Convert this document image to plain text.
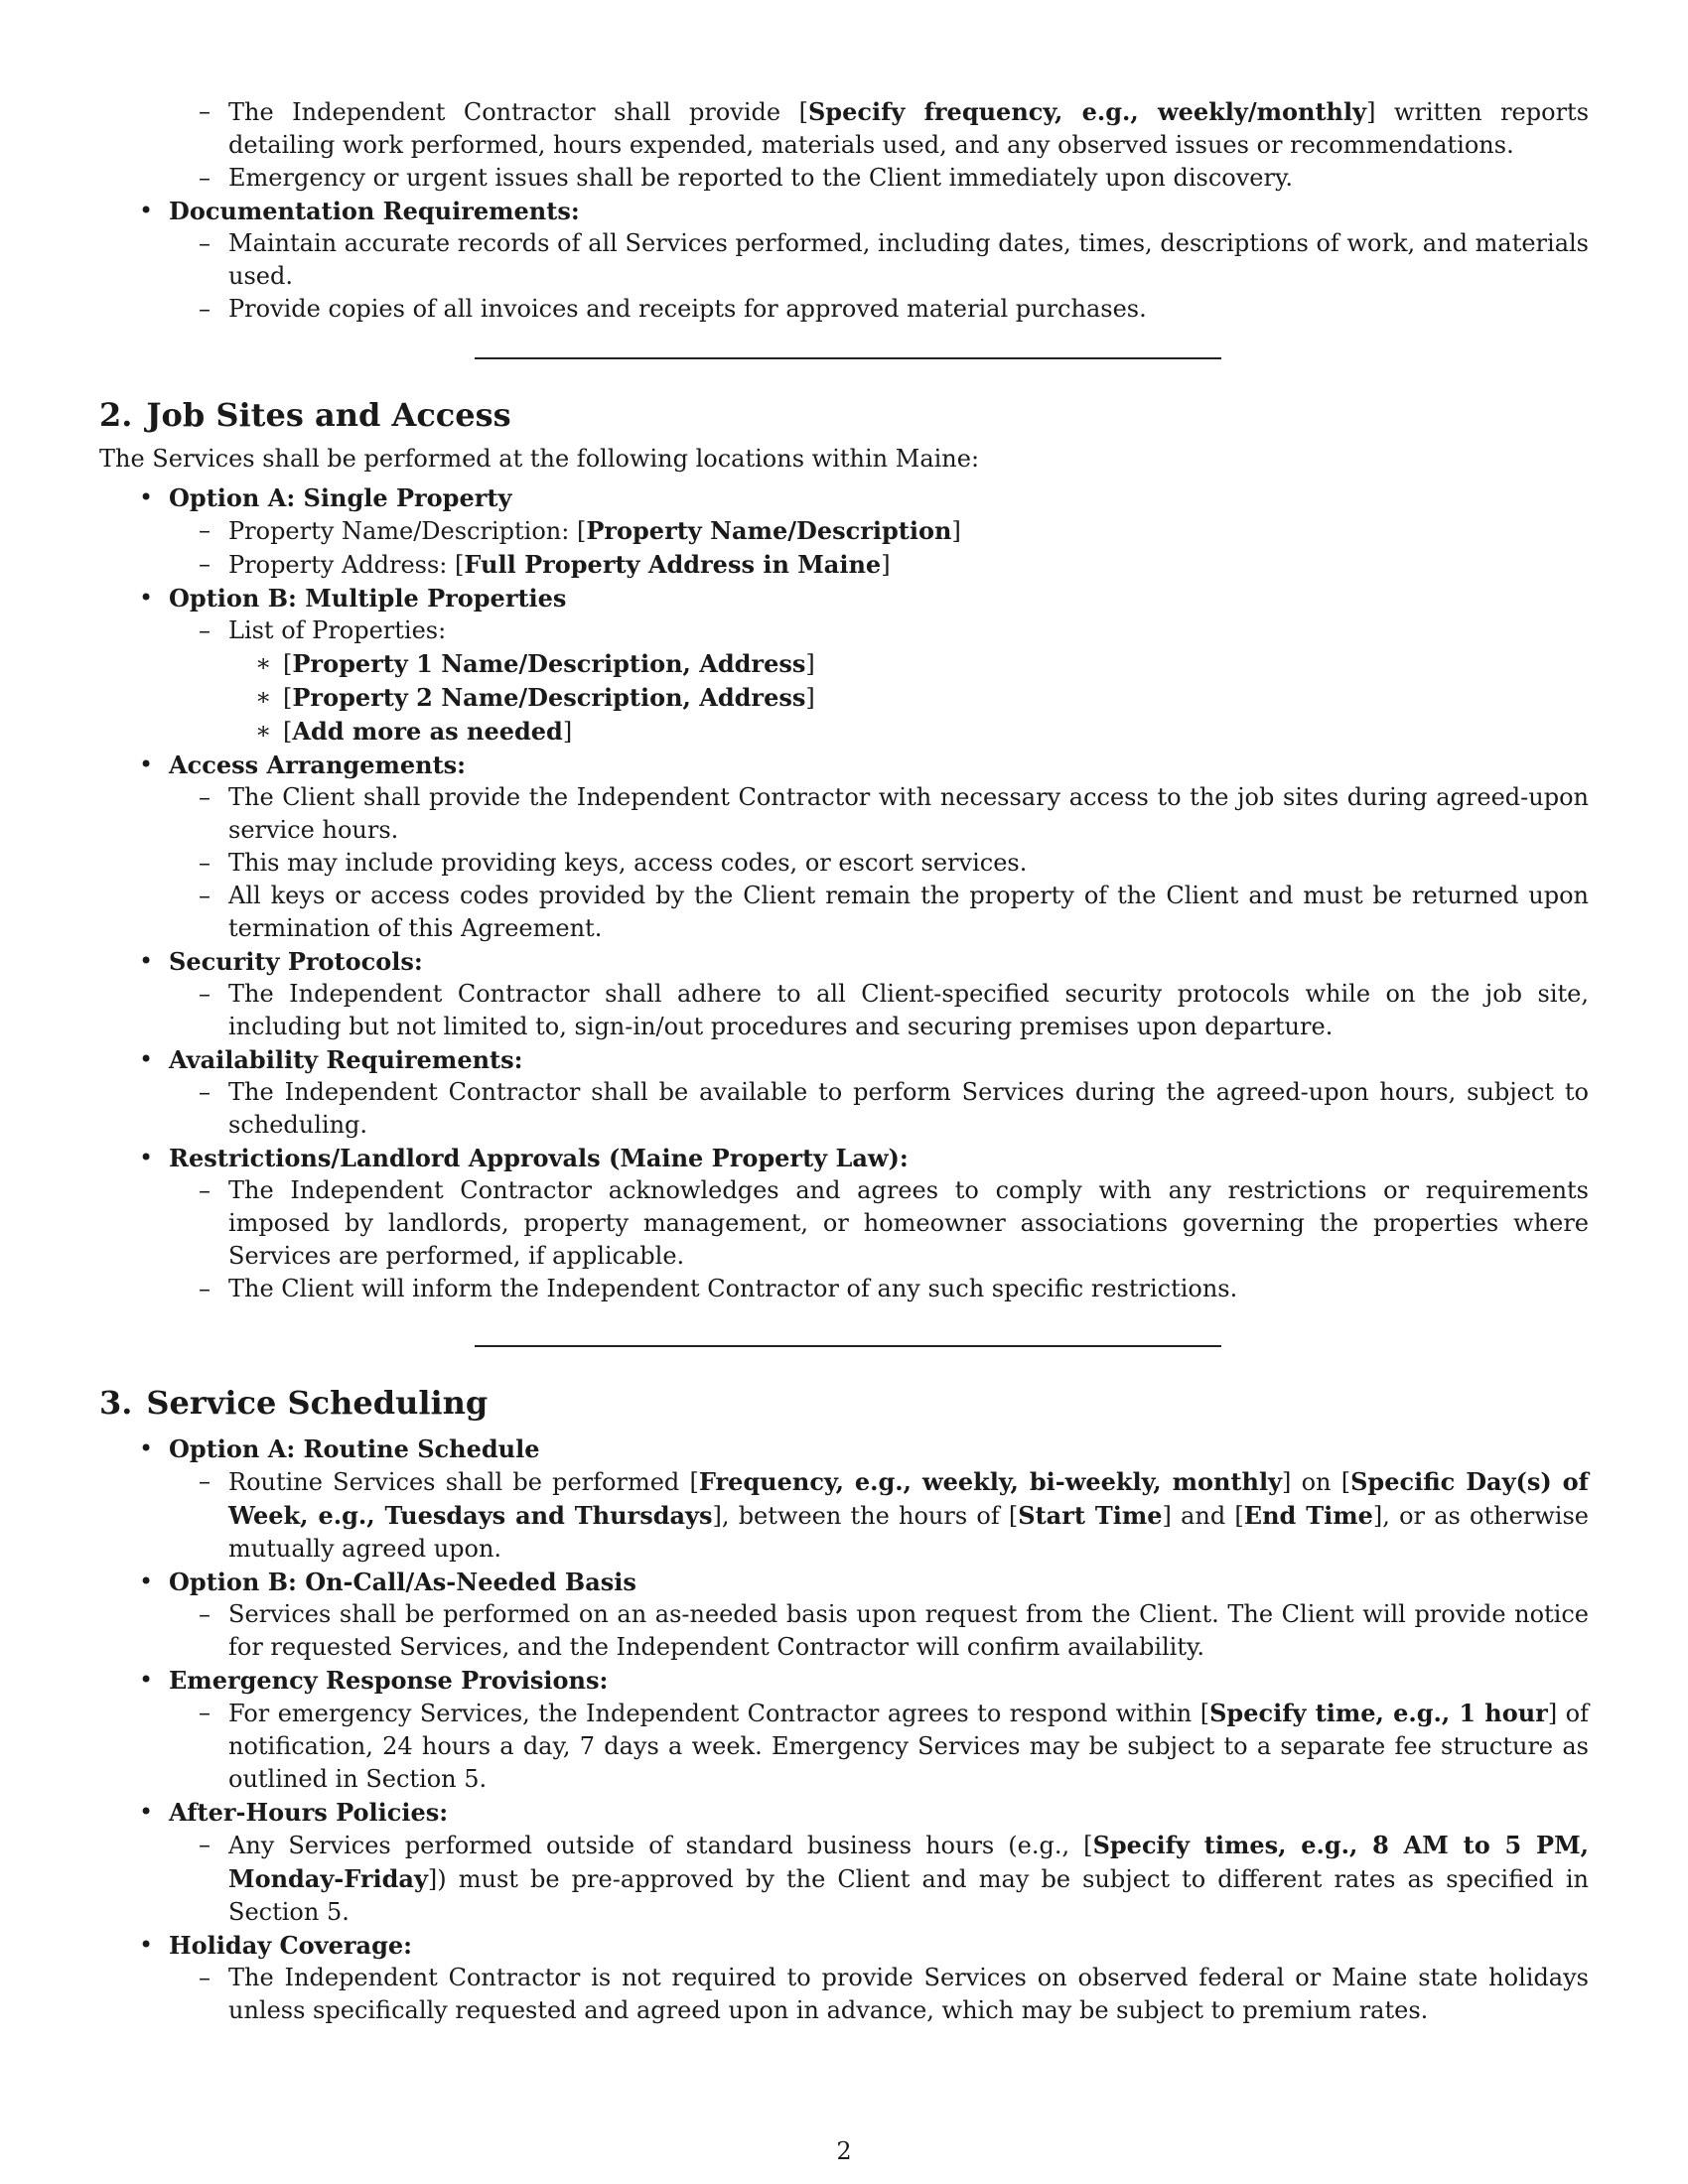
– The Independent Contractor shall provide [Specify frequency, e.g., weekly/monthly] written reports detailing work performed, hours expended, materials used, and any observed issues or recommendations.

– Emergency or urgent issues shall be reported to the Client immediately upon discovery.

• Documentation Requirements:
– Maintain accurate records of all Services performed, including dates, times, descriptions of work, and materials used.

– Provide copies of all invoices and receipts for approved material purchases.

2. Job Sites and Access

The Services shall be performed at the following locations within Maine:

• Option A: Single Property
– Property Name/Description: [Property Name/Description]

– Property Address: [Full Property Address in Maine]

• Option B: Multiple Properties
– List of Properties:

∗ [Property 1 Name/Description, Address]

∗ [Property 2 Name/Description, Address]

∗ [Add more as needed]

• Access Arrangements:
– The Client shall provide the Independent Contractor with necessary access to the job sites during agreed-upon service hours.

– This may include providing keys, access codes, or escort services.

– All keys or access codes provided by the Client remain the property of the Client and must be returned upon termination of this Agreement.

• Security Protocols:
– The Independent Contractor shall adhere to all Client-specified security protocols while on the job site, including but not limited to, sign-in/out procedures and securing premises upon departure.

• Availability Requirements:
– The Independent Contractor shall be available to perform Services during the agreed-upon hours, subject to scheduling.

• Restrictions/Landlord Approvals (Maine Property Law):
– The Independent Contractor acknowledges and agrees to comply with any restrictions or requirements imposed by landlords, property management, or homeowner associations governing the properties where Services are performed, if applicable.

– The Client will inform the Independent Contractor of any such specific restrictions.

3. Service Scheduling
• Option A: Routine Schedule
– Routine Services shall be performed [Frequency, e.g., weekly, bi-weekly, monthly] on [Specific Day(s) of Week, e.g., Tuesdays and Thursdays], between the hours of [Start Time] and [End Time], or as otherwise mutually agreed upon.

• Option B: On-Call/As-Needed Basis
– Services shall be performed on an as-needed basis upon request from the Client. The Client will provide notice for requested Services, and the Independent Contractor will confirm availability.

• Emergency Response Provisions:
– For emergency Services, the Independent Contractor agrees to respond within [Specify time, e.g., 1 hour] of notification, 24 hours a day, 7 days a week. Emergency Services may be subject to a separate fee structure as outlined in Section 5.

• After-Hours Policies:
– Any Services performed outside of standard business hours (e.g., [Specify times, e.g., 8 AM to 5 PM, Monday-Friday]) must be pre-approved by the Client and may be subject to different rates as specified in Section 5.

• Holiday Coverage:
– The Independent Contractor is not required to provide Services on observed federal or Maine state holidays unless specifically requested and agreed upon in advance, which may be subject to premium rates.

2
